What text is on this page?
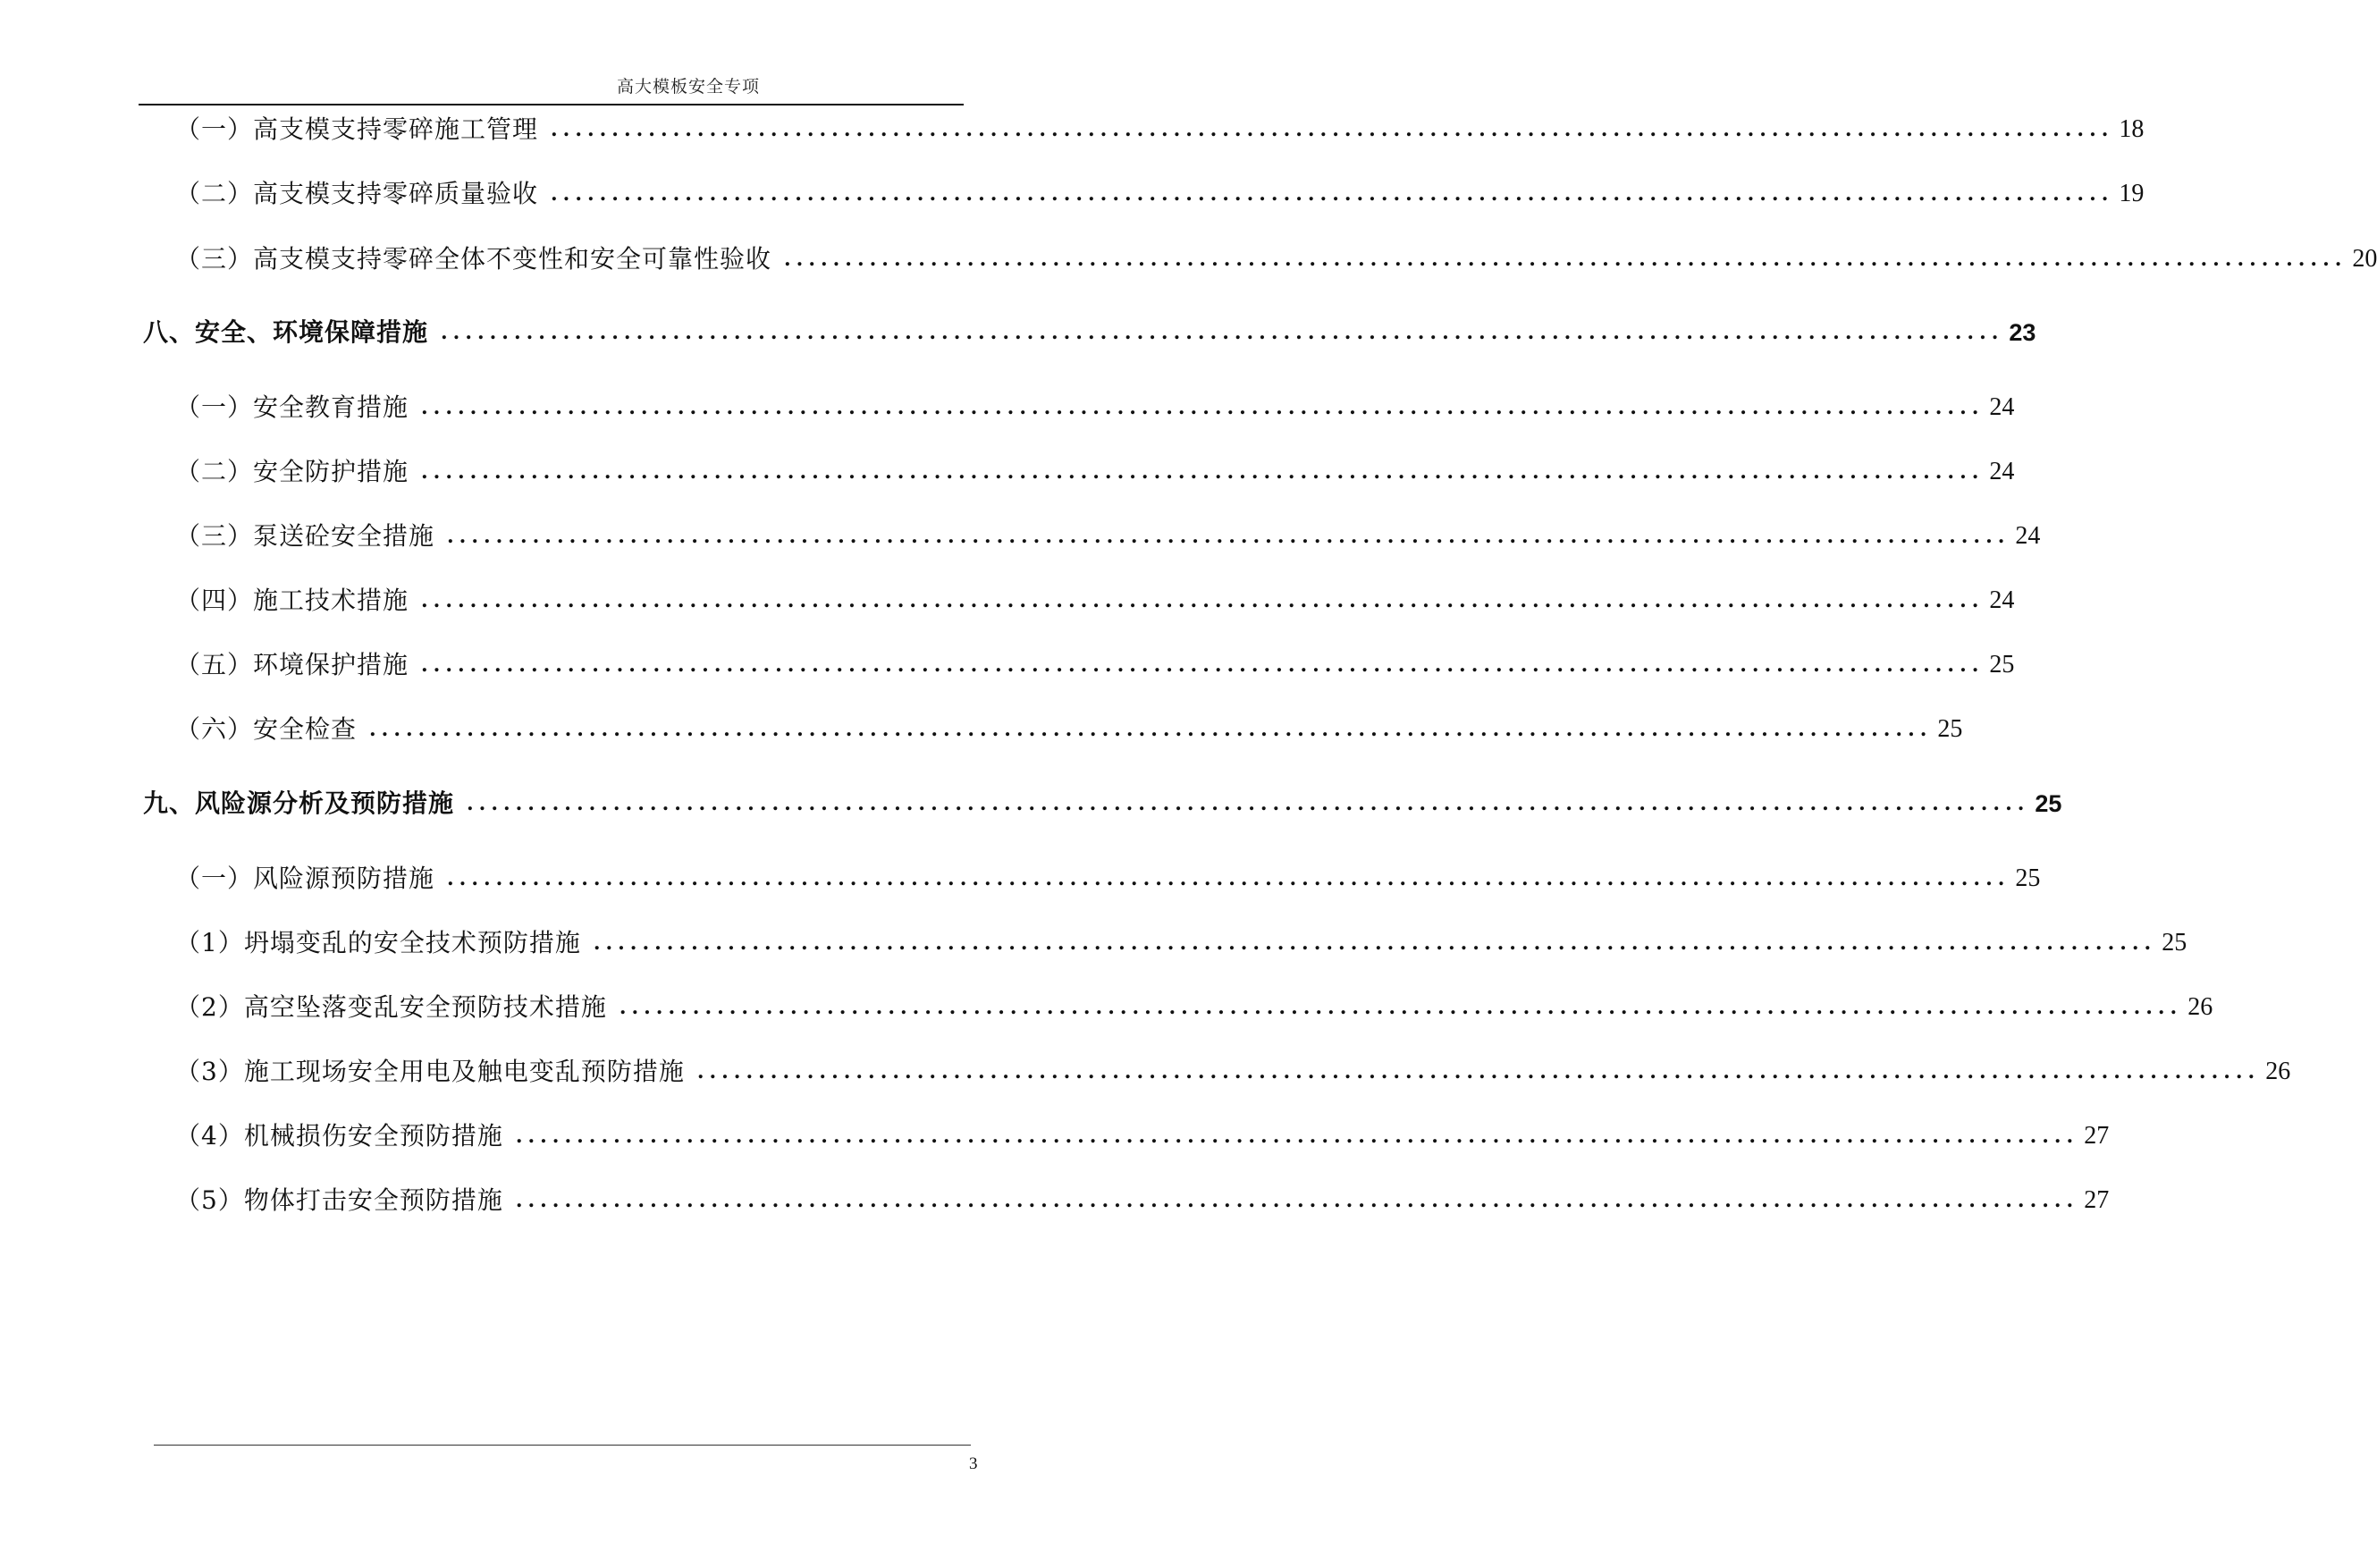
高大模板安全专项
（一）高支模支持零碎施工管理 ................................................................................................................................ 18
（二）高支模支持零碎质量验收 ................................................................................................................................ 19
（三）高支模支持零碎全体不变性和安全可靠性验收 ................................................................................................................................ 20
八、安全、环境保障措施 ................................................................................................................................ 23
（一）安全教育措施 ................................................................................................................................ 24
（二）安全防护措施 ................................................................................................................................ 24
（三）泵送砼安全措施 ................................................................................................................................ 24
（四）施工技术措施 ................................................................................................................................ 24
（五）环境保护措施 ................................................................................................................................ 25
（六）安全检查 ................................................................................................................................ 25
九、风险源分析及预防措施 ................................................................................................................................ 25
（一）风险源预防措施 ................................................................................................................................ 25
（1）坍塌变乱的安全技术预防措施 ................................................................................................................................ 25
（2）高空坠落变乱安全预防技术措施 ................................................................................................................................ 26
（3）施工现场安全用电及触电变乱预防措施 ................................................................................................................................ 26
（4）机械损伤安全预防措施 ................................................................................................................................ 27
（5）物体打击安全预防措施 ................................................................................................................................ 27
3
